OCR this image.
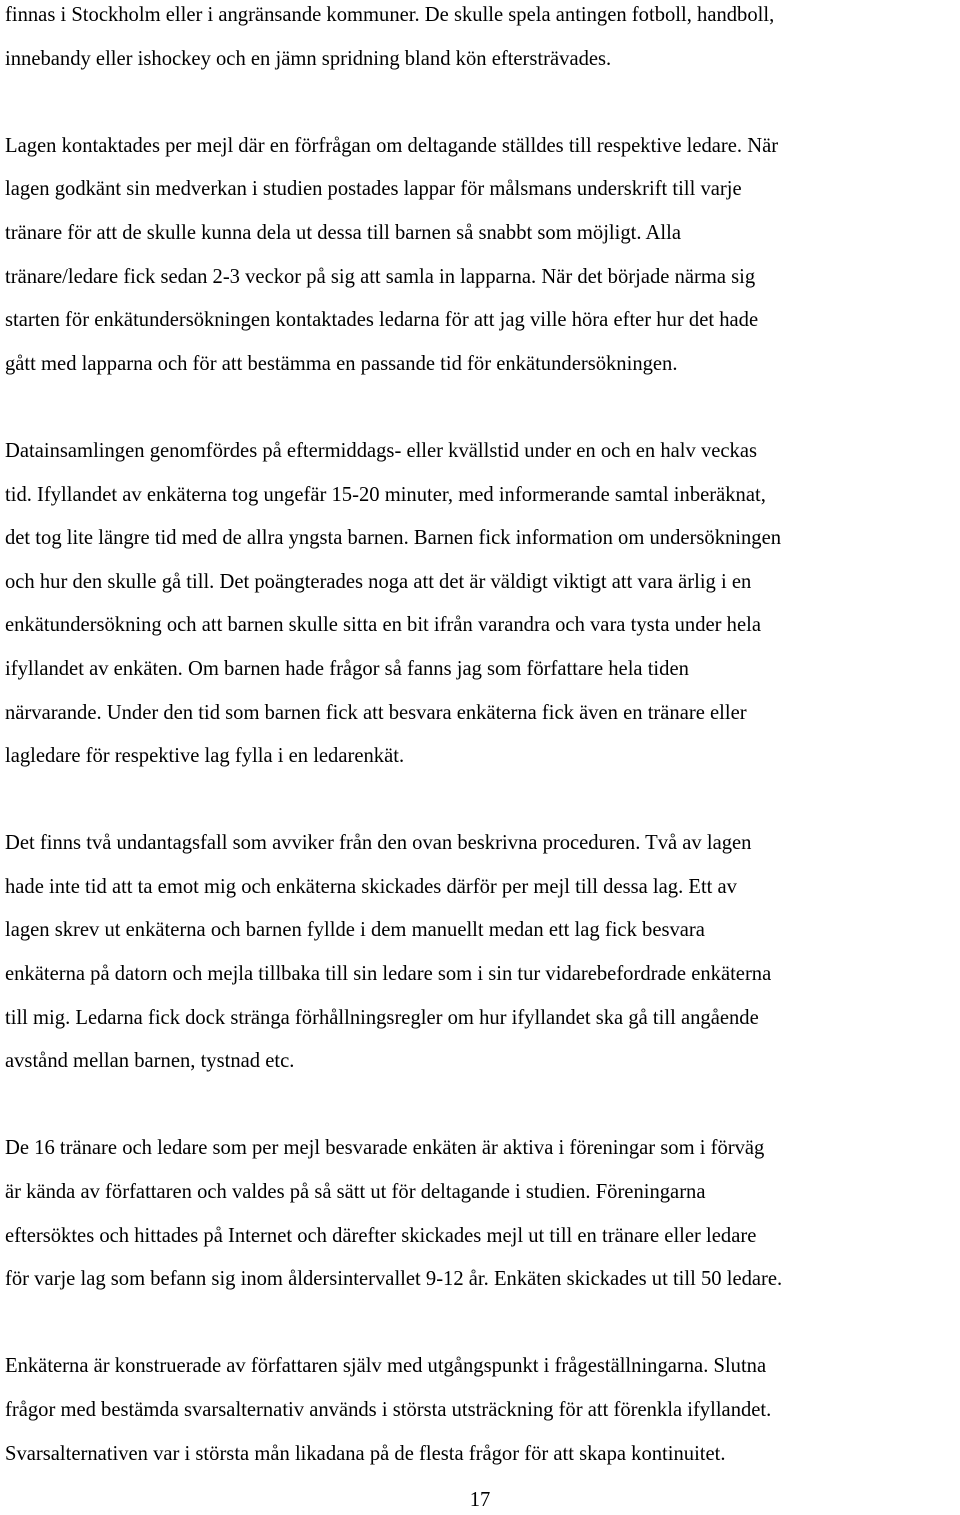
finnas i Stockholm eller i angränsande kommuner. De skulle spela antingen fotboll, handboll,
innebandy eller ishockey och en jämn spridning bland kön eftersträvades.

Lagen kontaktades per mejl där en förfrågan om deltagande ställdes till respektive ledare. När
lagen godkänt sin medverkan i studien postades lappar för målsmans underskrift till varje
tränare för att de skulle kunna dela ut dessa till barnen så snabbt som möjligt. Alla
tränare/ledare fick sedan 2-3 veckor på sig att samla in lapparna. När det började närma sig
starten för enkätundersökningen kontaktades ledarna för att jag ville höra efter hur det hade
gått med lapparna och för att bestämma en passande tid för enkätundersökningen.

Datainsamlingen genomfördes på eftermiddags- eller kvällstid under en och en halv veckas
tid. Ifyllandet av enkäterna tog ungefär 15-20 minuter, med informerande samtal inberäknat,
det tog lite längre tid med de allra yngsta barnen. Barnen fick information om undersökningen
och hur den skulle gå till. Det poängterades noga att det är väldigt viktigt att vara ärlig i en
enkätundersökning och att barnen skulle sitta en bit ifrån varandra och vara tysta under hela
ifyllandet av enkäten. Om barnen hade frågor så fanns jag som författare hela tiden
närvarande. Under den tid som barnen fick att besvara enkäterna fick även en tränare eller
lagledare för respektive lag fylla i en ledarenkät.

Det finns två undantagsfall som avviker från den ovan beskrivna proceduren. Två av lagen
hade inte tid att ta emot mig och enkäterna skickades därför per mejl till dessa lag. Ett av
lagen skrev ut enkäterna och barnen fyllde i dem manuellt medan ett lag fick besvara
enkäterna på datorn och mejla tillbaka till sin ledare som i sin tur vidarebefordrade enkäterna
till mig. Ledarna fick dock stränga förhållningsregler om hur ifyllandet ska gå till angående
avstånd mellan barnen, tystnad etc.

De 16 tränare och ledare som per mejl besvarade enkäten är aktiva i föreningar som i förväg
är kända av författaren och valdes på så sätt ut för deltagande i studien. Föreningarna
eftersöktes och hittades på Internet och därefter skickades mejl ut till en tränare eller ledare
för varje lag som befann sig inom åldersintervallet 9-12 år. Enkäten skickades ut till 50 ledare.

Enkäterna är konstruerade av författaren själv med utgångspunkt i frågeställningarna. Slutna
frågor med bestämda svarsalternativ används i största utsträckning för att förenkla ifyllandet.
Svarsalternativen var i största mån likadana på de flesta frågor för att skapa kontinuitet.

17
